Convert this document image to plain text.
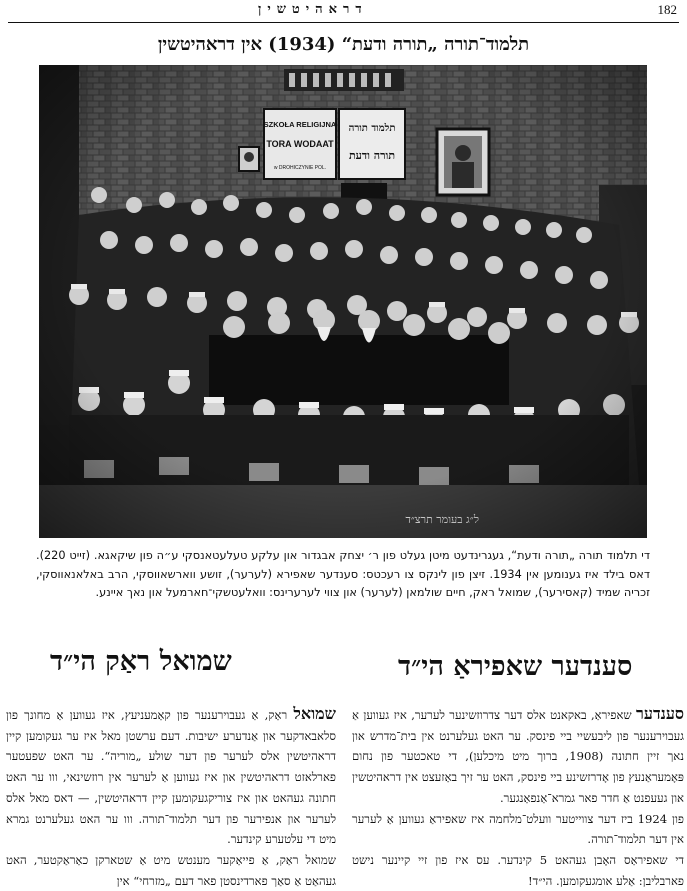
דראהיטשין	182
תלמוד־תורה „תורה ודעת“ (1934) אין דראהיטשין
די תלמוד תורה „תורה ודעת“, געגרינדעט מיטן געלט פון ר׳ יצחק אבגדור און עלקע טעלעטאנסקי ע״ה פון שיקאגא. (זייט 220). דאס בילד איז גענומען אין 1934. זיצן פון לינקס צו רעכטס: סענדער שאפירא (לערער), זושע ווארשאווסקי, הרב באלאנאווסקי, זכריה שמיד (קאסירער), שמואל ראק, חיים שולמאן (לערער) און צווי לערערינס: וואלעטשקי־חארמעל און נאך איינע.
סענדער שאפיראַ הי״ד

סענדער שאפיראַ, באקאנט אלס דער צדרוזשינער לערער, איז געווען אַ געבוירענער פון ליבעשיי ביי פינסק. ער האט געלערנט אין בית־מדרש און נאך זיין חתונה (1908, ברוך מיט מיכלען), די טאכטער פון נחום פּאָמעראַנעץ פון אָדרזשינע ביי פינסק, האט ער זיך באַזעצט אין דראהיטשין און געעפנט אַ חדר פאר גמרא־אַנפאַנגער.

פון 1924 ביז דער צווייטער וועלט־מלחמה איז שאפיראַ געווען אַ לערער אין דער תלמוד־תורה.

די שאפיראַס האָבן געהאט 5 קינדער. עס איז פון זיי קיינער נישט פארבליבן: אַלע אומגעקומען. הי״ד!

שמואל ראַק הי״ד

שמואל ראַק, אַ געבוירענער פון קאַמעניעץ, איז געווען אַ מחונך פון סלאבאדקער און אַנדערע ישיבות. דעם ערשטן מאל איז ער געקומען קיין דראהיטשין אלס לערער פון דער שולע „מוריה“. ער האט שפעטער פארלאזט דראהיטשין און איז געווען אַ לערער אין רוזשינאי, ווו ער האט חתונה געהאט און איז צוריקגעקומען קיין דראהיטשין, — דאס מאל אלס לערער און אנפירער פון דער תלמוד־תורה. ווו ער האט געלערנט גמרא מיט די עלטערע קינדער.

שמואל ראַק, אַ פייאַקער מענטש מיט אַ שטארקן כאַראַקטער, האט געהאַט אַ סאַך פארדינסטן פאר דעם „מזרחי“ אין
